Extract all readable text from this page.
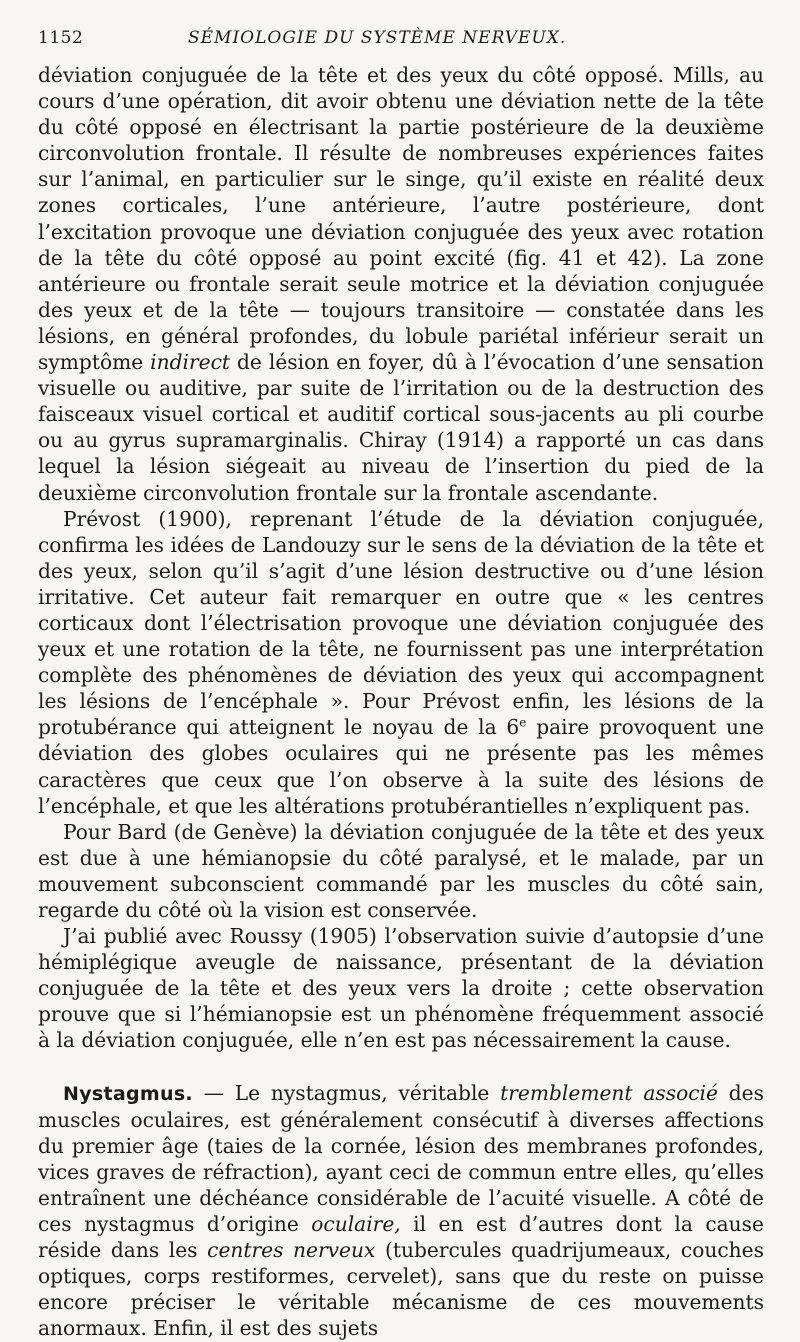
1152	SÉMIOLOGIE DU SYSTÈME NERVEUX.

déviation conjuguée de la tête et des yeux du côté opposé. Mills, au cours d’une opération, dit avoir obtenu une déviation nette de la tête du côté opposé en électrisant la partie postérieure de la deuxième circonvolution frontale. Il résulte de nombreuses expériences faites sur l’animal, en particulier sur le singe, qu’il existe en réalité deux zones corticales, l’une antérieure, l’autre postérieure, dont l’excitation provoque une déviation conjuguée des yeux avec rotation de la tête du côté opposé au point excité (fig. 41 et 42). La zone antérieure ou frontale serait seule motrice et la déviation conjuguée des yeux et de la tête — toujours transitoire — constatée dans les lésions, en général profondes, du lobule pariétal inférieur serait un symptôme indirect de lésion en foyer, dû à l’évocation d’une sensation visuelle ou auditive, par suite de l’irritation ou de la destruction des faisceaux visuel cortical et auditif cortical sous-jacents au pli courbe ou au gyrus supramarginalis. Chiray (1914) a rapporté un cas dans lequel la lésion siégeait au niveau de l’insertion du pied de la deuxième circonvolution frontale sur la frontale ascendante.

Prévost (1900), reprenant l’étude de la déviation conjuguée, confirma les idées de Landouzy sur le sens de la déviation de la tête et des yeux, selon qu’il s’agit d’une lésion destructive ou d’une lésion irritative. Cet auteur fait remarquer en outre que « les centres corticaux dont l’électrisation provoque une déviation conjuguée des yeux et une rotation de la tête, ne fournissent pas une interprétation complète des phénomènes de déviation des yeux qui accompagnent les lésions de l’encéphale ». Pour Prévost enfin, les lésions de la protubérance qui atteignent le noyau de la 6e paire provoquent une déviation des globes oculaires qui ne présente pas les mêmes caractères que ceux que l’on observe à la suite des lésions de l’encéphale, et que les altérations protubérantielles n’expliquent pas.

Pour Bard (de Genève) la déviation conjuguée de la tête et des yeux est due à une hémianopsie du côté paralysé, et le malade, par un mouvement subconscient commandé par les muscles du côté sain, regarde du côté où la vision est conservée.

J’ai publié avec Roussy (1905) l’observation suivie d’autopsie d’une hémiplégique aveugle de naissance, présentant de la déviation conjuguée de la tête et des yeux vers la droite ; cette observation prouve que si l’hémianopsie est un phénomène fréquemment associé à la déviation conjuguée, elle n’en est pas nécessairement la cause.

Nystagmus. — Le nystagmus, véritable tremblement associé des muscles oculaires, est généralement consécutif à diverses affections du premier âge (taies de la cornée, lésion des membranes profondes, vices graves de réfraction), ayant ceci de commun entre elles, qu’elles entraînent une déchéance considérable de l’acuité visuelle. A côté de ces nystagmus d’origine oculaire, il en est d’autres dont la cause réside dans les centres nerveux (tubercules quadrijumeaux, couches optiques, corps restiformes, cervelet), sans que du reste on puisse encore préciser le véritable mécanisme de ces mouvements anormaux. Enfin, il est des sujets
